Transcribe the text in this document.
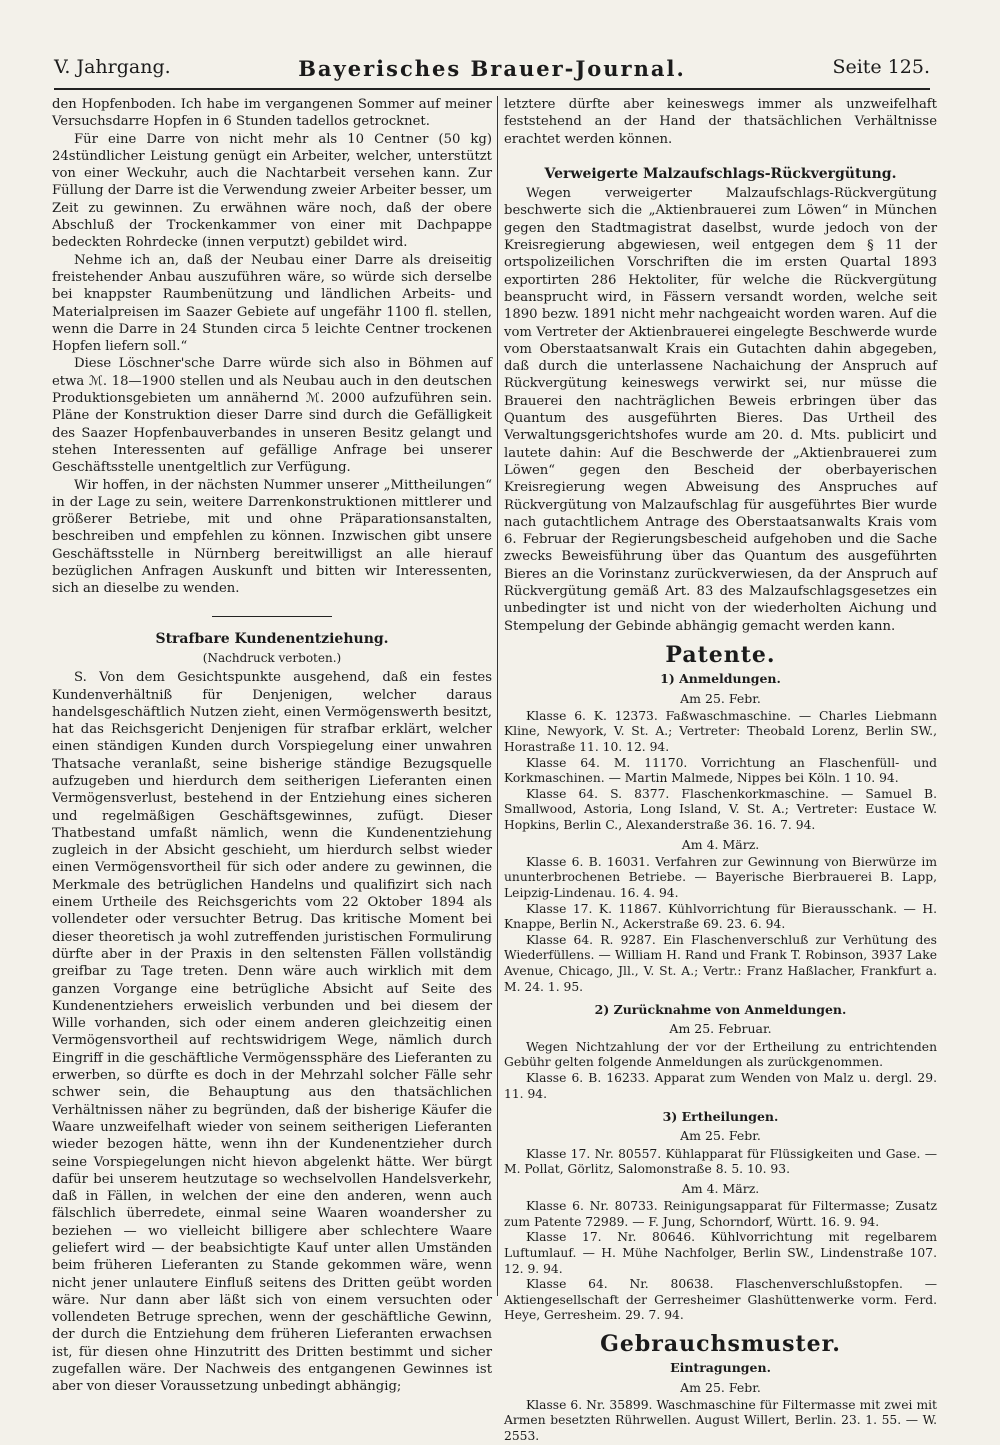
V. Jahrgang.	Bayerisches Brauer-Journal.	Seite 125.

den Hopfenboden. Ich habe im vergangenen Sommer auf meiner Versuchsdarre Hopfen in 6 Stunden tadellos getrocknet.

Für eine Darre von nicht mehr als 10 Centner (50 kg) 24stündlicher Leistung genügt ein Arbeiter, welcher, unterstützt von einer Weckuhr, auch die Nachtarbeit versehen kann. Zur Füllung der Darre ist die Verwendung zweier Arbeiter besser, um Zeit zu gewinnen. Zu erwähnen wäre noch, daß der obere Abschluß der Trockenkammer von einer mit Dachpappe bedeckten Rohrdecke (innen verputzt) gebildet wird.

Nehme ich an, daß der Neubau einer Darre als dreiseitig freistehender Anbau auszuführen wäre, so würde sich derselbe bei knappster Raumbenützung und ländlichen Arbeits- und Materialpreisen im Saazer Gebiete auf ungefähr 1100 fl. stellen, wenn die Darre in 24 Stunden circa 5 leichte Centner trockenen Hopfen liefern soll.“

Diese Löschner'sche Darre würde sich also in Böhmen auf etwa ℳ. 18—1900 stellen und als Neubau auch in den deutschen Produktionsgebieten um annähernd ℳ. 2000 aufzuführen sein. Pläne der Konstruktion dieser Darre sind durch die Gefälligkeit des Saazer Hopfenbauverbandes in unseren Besitz gelangt und stehen Interessenten auf gefällige Anfrage bei unserer Geschäftsstelle unentgeltlich zur Verfügung.

Wir hoffen, in der nächsten Nummer unserer „Mittheilungen“ in der Lage zu sein, weitere Darrenkonstruktionen mittlerer und größerer Betriebe, mit und ohne Präparationsanstalten, beschreiben und empfehlen zu können. Inzwischen gibt unsere Geschäftsstelle in Nürnberg bereitwilligst an alle hierauf bezüglichen Anfragen Auskunft und bitten wir Interessenten, sich an dieselbe zu wenden.

Strafbare Kundenentziehung.
(Nachdruck verboten.)

S. Von dem Gesichtspunkte ausgehend, daß ein festes Kundenverhältniß für Denjenigen, welcher daraus handelsgeschäftlich Nutzen zieht, einen Vermögenswerth besitzt, hat das Reichsgericht Denjenigen für strafbar erklärt, welcher einen ständigen Kunden durch Vorspiegelung einer unwahren Thatsache veranlaßt, seine bisherige ständige Bezugsquelle aufzugeben und hierdurch dem seitherigen Lieferanten einen Vermögensverlust, bestehend in der Entziehung eines sicheren und regelmäßigen Geschäftsgewinnes, zufügt. Dieser Thatbestand umfaßt nämlich, wenn die Kundenentziehung zugleich in der Absicht geschieht, um hierdurch selbst wieder einen Vermögensvortheil für sich oder andere zu gewinnen, die Merkmale des betrüglichen Handelns und qualifizirt sich nach einem Urtheile des Reichsgerichts vom 22 Oktober 1894 als vollendeter oder versuchter Betrug. Das kritische Moment bei dieser theoretisch ja wohl zutreffenden juristischen Formulirung dürfte aber in der Praxis in den seltensten Fällen vollständig greifbar zu Tage treten. Denn wäre auch wirklich mit dem ganzen Vorgange eine betrügliche Absicht auf Seite des Kundenentziehers erweislich verbunden und bei diesem der Wille vorhanden, sich oder einem anderen gleichzeitig einen Vermögensvortheil auf rechtswidrigem Wege, nämlich durch Eingriff in die geschäftliche Vermögenssphäre des Lieferanten zu erwerben, so dürfte es doch in der Mehrzahl solcher Fälle sehr schwer sein, die Behauptung aus den thatsächlichen Verhältnissen näher zu begründen, daß der bisherige Käufer die Waare unzweifelhaft wieder von seinem seitherigen Lieferanten wieder bezogen hätte, wenn ihn der Kundenentzieher durch seine Vorspiegelungen nicht hievon abgelenkt hätte. Wer bürgt dafür bei unserem heutzutage so wechselvollen Handelsverkehr, daß in Fällen, in welchen der eine den anderen, wenn auch fälschlich überredete, einmal seine Waaren woandersher zu beziehen — wo vielleicht billigere aber schlechtere Waare geliefert wird — der beabsichtigte Kauf unter allen Umständen beim früheren Lieferanten zu Stande gekommen wäre, wenn nicht jener unlautere Einfluß seitens des Dritten geübt worden wäre. Nur dann aber läßt sich von einem versuchten oder vollendeten Betruge sprechen, wenn der geschäftliche Gewinn, der durch die Entziehung dem früheren Lieferanten erwachsen ist, für diesen ohne Hinzutritt des Dritten bestimmt und sicher zugefallen wäre. Der Nachweis des entgangenen Gewinnes ist aber von dieser Voraussetzung unbedingt abhängig;

letztere dürfte aber keineswegs immer als unzweifelhaft feststehend an der Hand der thatsächlichen Verhältnisse erachtet werden können.

Verweigerte Malzaufschlags-Rückvergütung.

Wegen verweigerter Malzaufschlags-Rückvergütung beschwerte sich die „Aktienbrauerei zum Löwen“ in München gegen den Stadtmagistrat daselbst, wurde jedoch von der Kreisregierung abgewiesen, weil entgegen dem § 11 der ortspolizeilichen Vorschriften die im ersten Quartal 1893 exportirten 286 Hektoliter, für welche die Rückvergütung beansprucht wird, in Fässern versandt worden, welche seit 1890 bezw. 1891 nicht mehr nachgeaicht worden waren. Auf die vom Vertreter der Aktienbrauerei eingelegte Beschwerde wurde vom Oberstaatsanwalt Krais ein Gutachten dahin abgegeben, daß durch die unterlassene Nachaichung der Anspruch auf Rückvergütung keineswegs verwirkt sei, nur müsse die Brauerei den nachträglichen Beweis erbringen über das Quantum des ausgeführten Bieres. Das Urtheil des Verwaltungsgerichtshofes wurde am 20. d. Mts. publicirt und lautete dahin: Auf die Beschwerde der „Aktienbrauerei zum Löwen“ gegen den Bescheid der oberbayerischen Kreisregierung wegen Abweisung des Anspruches auf Rückvergütung von Malzaufschlag für ausgeführtes Bier wurde nach gutachtlichem Antrage des Oberstaatsanwalts Krais vom 6. Februar der Regierungsbescheid aufgehoben und die Sache zwecks Beweisführung über das Quantum des ausgeführten Bieres an die Vorinstanz zurückverwiesen, da der Anspruch auf Rückvergütung gemäß Art. 83 des Malzaufschlagsgesetzes ein unbedingter ist und nicht von der wiederholten Aichung und Stempelung der Gebinde abhängig gemacht werden kann.

Patente.
1) Anmeldungen.
Am 25. Febr.

Klasse 6. K. 12373. Faßwaschmaschine. — Charles Liebmann Kline, Newyork, V. St. A.; Vertreter: Theobald Lorenz, Berlin SW., Horastraße 11. 10. 12. 94.

Klasse 64. M. 11170. Vorrichtung an Flaschenfüll- und Korkmaschinen. — Martin Malmede, Nippes bei Köln. 1 10. 94.

Klasse 64. S. 8377. Flaschenkorkmaschine. — Samuel B. Smallwood, Astoria, Long Island, V. St. A.; Vertreter: Eustace W. Hopkins, Berlin C., Alexanderstraße 36. 16. 7. 94.

Am 4. März.

Klasse 6. B. 16031. Verfahren zur Gewinnung von Bierwürze im ununterbrochenen Betriebe. — Bayerische Bierbrauerei B. Lapp, Leipzig-Lindenau. 16. 4. 94.

Klasse 17. K. 11867. Kühlvorrichtung für Bierausschank. — H. Knappe, Berlin N., Ackerstraße 69. 23. 6. 94.

Klasse 64. R. 9287. Ein Flaschenverschluß zur Verhütung des Wiederfüllens. — William H. Rand und Frank T. Robinson, 3937 Lake Avenue, Chicago, Jll., V. St. A.; Vertr.: Franz Haßlacher, Frankfurt a. M. 24. 1. 95.

2) Zurücknahme von Anmeldungen.
Am 25. Februar.

Wegen Nichtzahlung der vor der Ertheilung zu entrichtenden Gebühr gelten folgende Anmeldungen als zurückgenommen.

Klasse 6. B. 16233. Apparat zum Wenden von Malz u. dergl. 29. 11. 94.

3) Ertheilungen.
Am 25. Febr.

Klasse 17. Nr. 80557. Kühlapparat für Flüssigkeiten und Gase. — M. Pollat, Görlitz, Salomonstraße 8. 5. 10. 93.

Am 4. März.

Klasse 6. Nr. 80733. Reinigungsapparat für Filtermasse; Zusatz zum Patente 72989. — F. Jung, Schorndorf, Württ. 16. 9. 94.

Klasse 17. Nr. 80646. Kühlvorrichtung mit regelbarem Luftumlauf. — H. Mühe Nachfolger, Berlin SW., Lindenstraße 107. 12. 9. 94.

Klasse 64. Nr. 80638. Flaschenverschlußstopfen. — Aktiengesellschaft der Gerresheimer Glashüttenwerke vorm. Ferd. Heye, Gerresheim. 29. 7. 94.

Gebrauchsmuster.
Eintragungen.
Am 25. Febr.

Klasse 6. Nr. 35899. Waschmaschine für Filtermasse mit zwei mit Armen besetzten Rührwellen. August Willert, Berlin. 23. 1. 55. — W. 2553.
